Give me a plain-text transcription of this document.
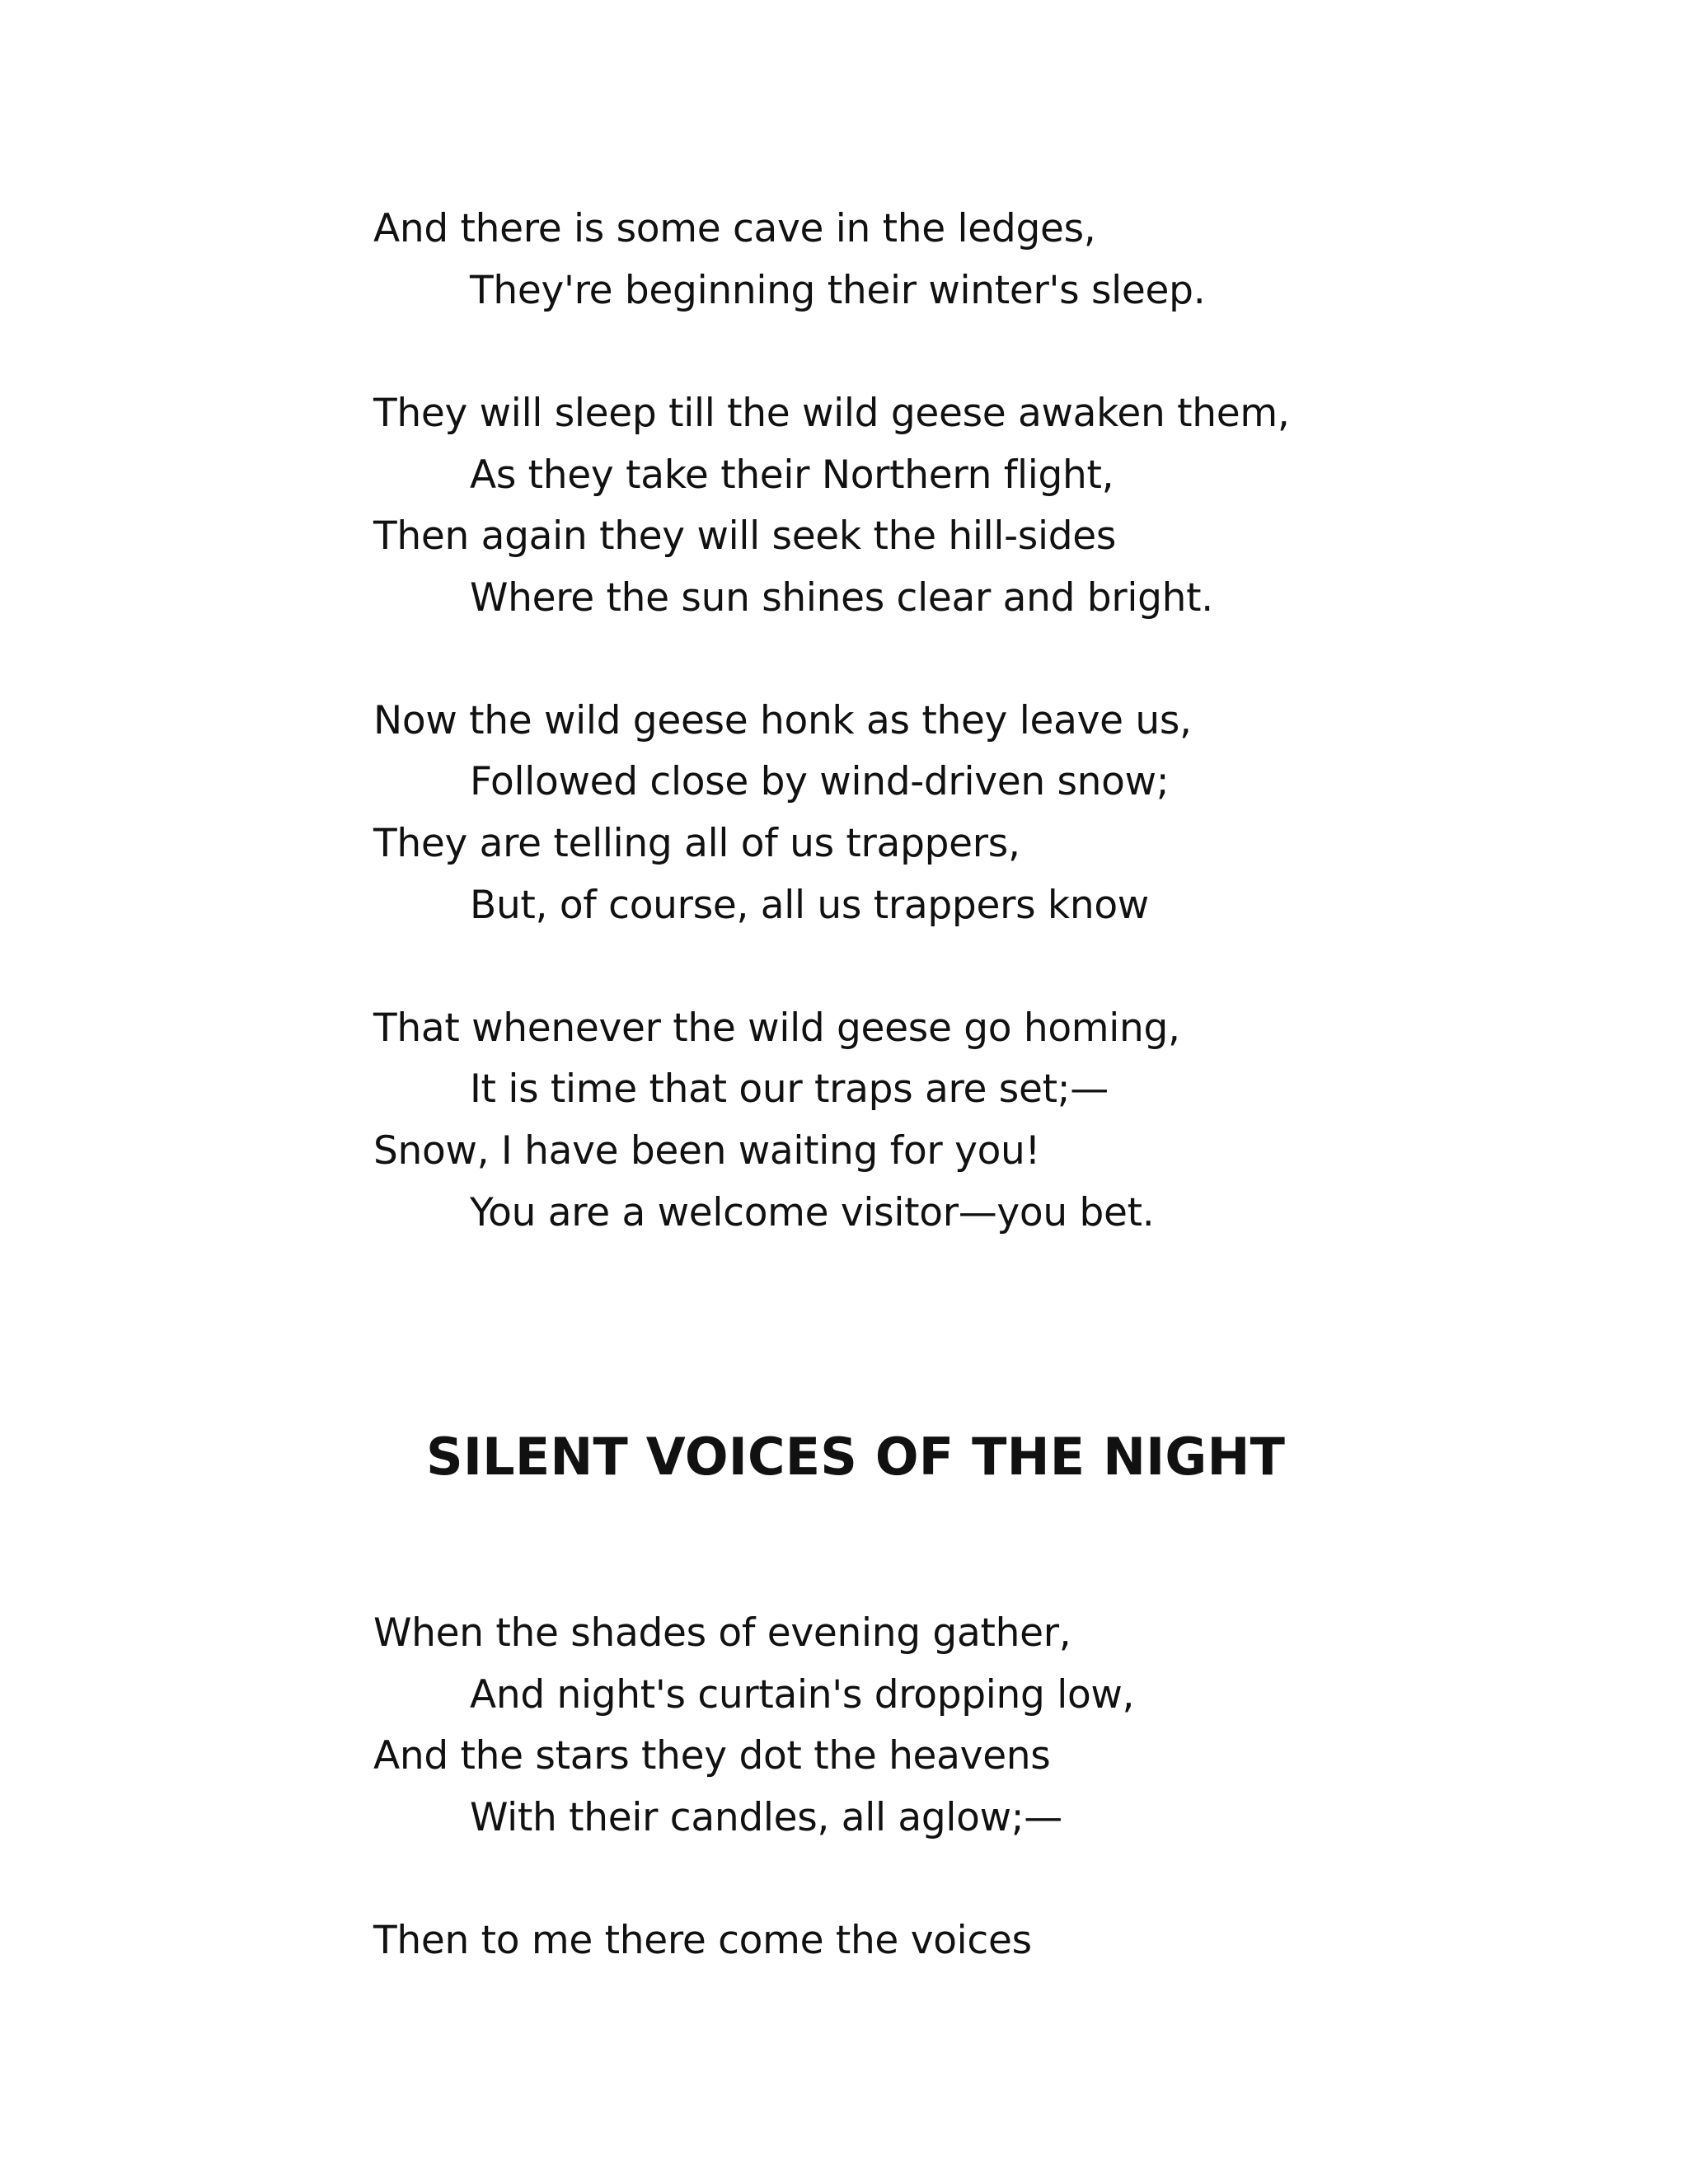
And there is some cave in the ledges,
They're beginning their winter's sleep.
They will sleep till the wild geese awaken them,
As they take their Northern flight,
Then again they will seek the hill-sides
Where the sun shines clear and bright.
Now the wild geese honk as they leave us,
Followed close by wind-driven snow;
They are telling all of us trappers,
But, of course, all us trappers know
That whenever the wild geese go homing,
It is time that our traps are set;—
Snow, I have been waiting for you!
You are a welcome visitor—you bet.
SILENT VOICES OF THE NIGHT
When the shades of evening gather,
And night's curtain's dropping low,
And the stars they dot the heavens
With their candles, all aglow;—
Then to me there come the voices
